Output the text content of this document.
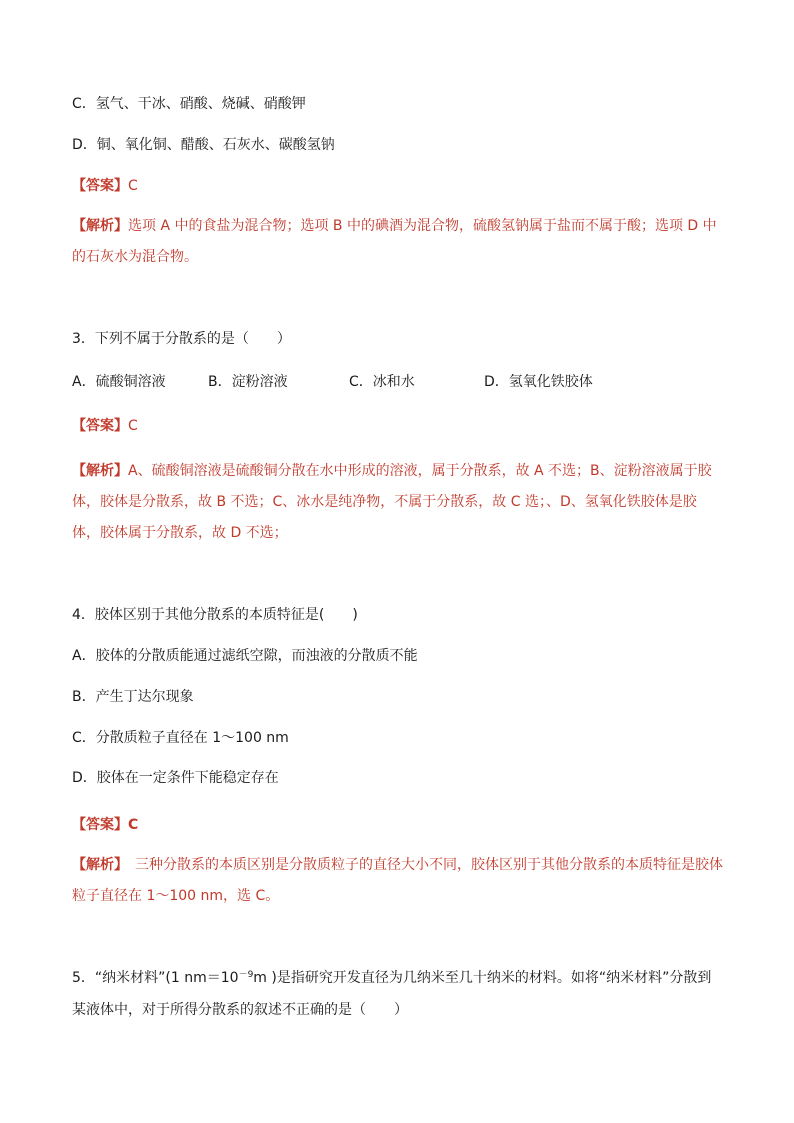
C．氢气、干冰、硝酸、烧碱、硝酸钾
D．铜、氧化铜、醋酸、石灰水、碳酸氢钠
【答案】C
【解析】选项 A 中的食盐为混合物；选项 B 中的碘酒为混合物，硫酸氢钠属于盐而不属于酸；选项 D 中的石灰水为混合物。
3．下列不属于分散系的是（　　）
A．硫酸铜溶液	B．淀粉溶液	C．冰和水	D．氢氧化铁胶体
【答案】C
【解析】A、硫酸铜溶液是硫酸铜分散在水中形成的溶液，属于分散系，故 A 不选；B、淀粉溶液属于胶体，胶体是分散系，故 B 不选；C、冰水是纯净物，不属于分散系，故 C 选；、D、氢氧化铁胶体是胶体，胶体属于分散系，故 D 不选；
4．胶体区别于其他分散系的本质特征是(　　)
A．胶体的分散质能通过滤纸空隙，而浊液的分散质不能
B．产生丁达尔现象
C．分散质粒子直径在 1～100 nm
D．胶体在一定条件下能稳定存在
【答案】C
【解析】　三种分散系的本质区别是分散质粒子的直径大小不同，胶体区别于其他分散系的本质特征是胶体粒子直径在 1～100 nm，选 C。
5．“纳米材料”(1 $nm=10^{-9}m$ )是指研究开发直径为几纳米至几十纳米的材料。如将“纳米材料”分散到某液体中，对于所得分散系的叙述不正确的是（　　）
